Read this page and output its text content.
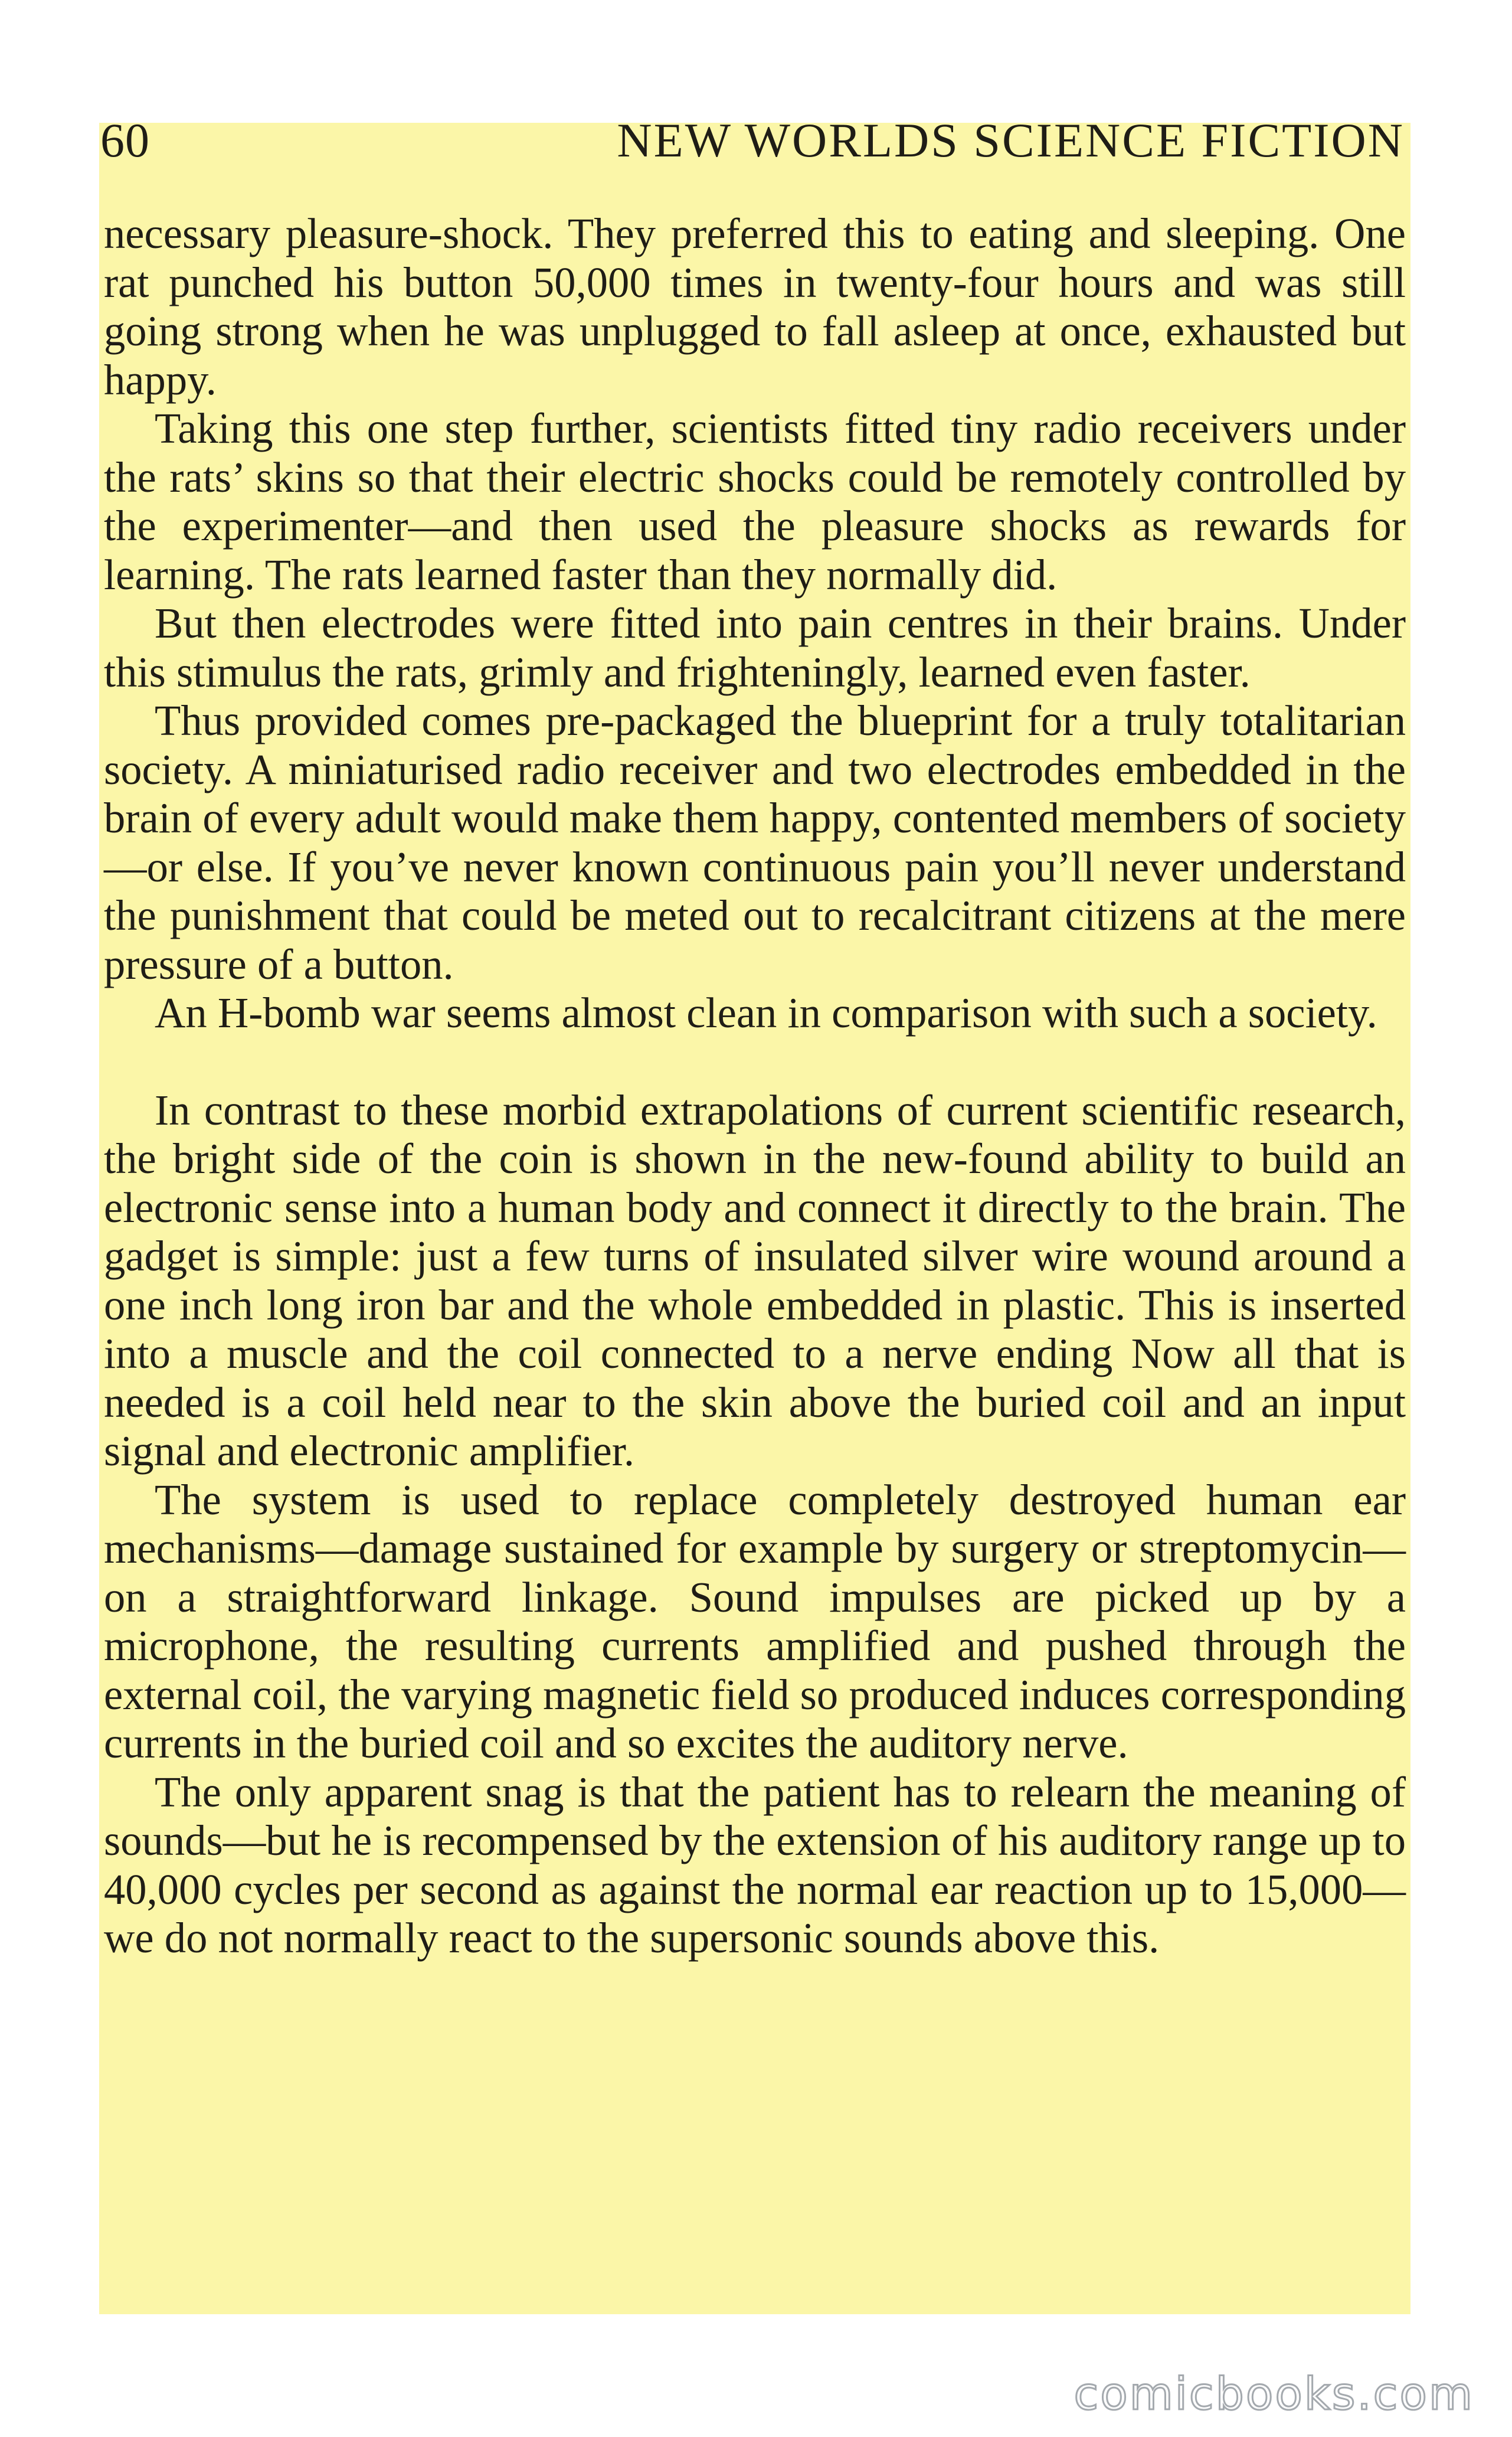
60	NEW WORLDS SCIENCE FICTION

necessary pleasure-shock. They preferred this to eating and sleeping. One rat punched his button 50,000 times in twenty-four hours and was still going strong when he was unplugged to fall asleep at once, exhausted but happy.

Taking this one step further, scientists fitted tiny radio receivers under the rats’ skins so that their electric shocks could be remotely controlled by the experimenter—and then used the pleasure shocks as rewards for learning. The rats learned faster than they normally did.

But then electrodes were fitted into pain centres in their brains. Under this stimulus the rats, grimly and frighteningly, learned even faster.

Thus provided comes pre-packaged the blueprint for a truly totalitarian society. A miniaturised radio receiver and two electrodes embedded in the brain of every adult would make them happy, contented members of society—or else. If you’ve never known continuous pain you’ll never understand the punishment that could be meted out to recalcitrant citizens at the mere pressure of a button.

An H-bomb war seems almost clean in comparison with such a society.

In contrast to these morbid extrapolations of current scientific research, the bright side of the coin is shown in the new-found ability to build an electronic sense into a human body and connect it directly to the brain. The gadget is simple: just a few turns of insulated silver wire wound around a one inch long iron bar and the whole embedded in plastic. This is inserted into a muscle and the coil connected to a nerve ending Now all that is needed is a coil held near to the skin above the buried coil and an input signal and electronic amplifier.

The system is used to replace completely destroyed human ear mechanisms—damage sustained for example by surgery or streptomycin—on a straightforward linkage. Sound impulses are picked up by a microphone, the resulting currents amplified and pushed through the external coil, the varying magnetic field so produced induces corresponding currents in the buried coil and so excites the auditory nerve.

The only apparent snag is that the patient has to relearn the meaning of sounds—but he is recompensed by the extension of his auditory range up to 40,000 cycles per second as against the normal ear reaction up to 15,000—we do not normally react to the supersonic sounds above this.

comicbooks.com
